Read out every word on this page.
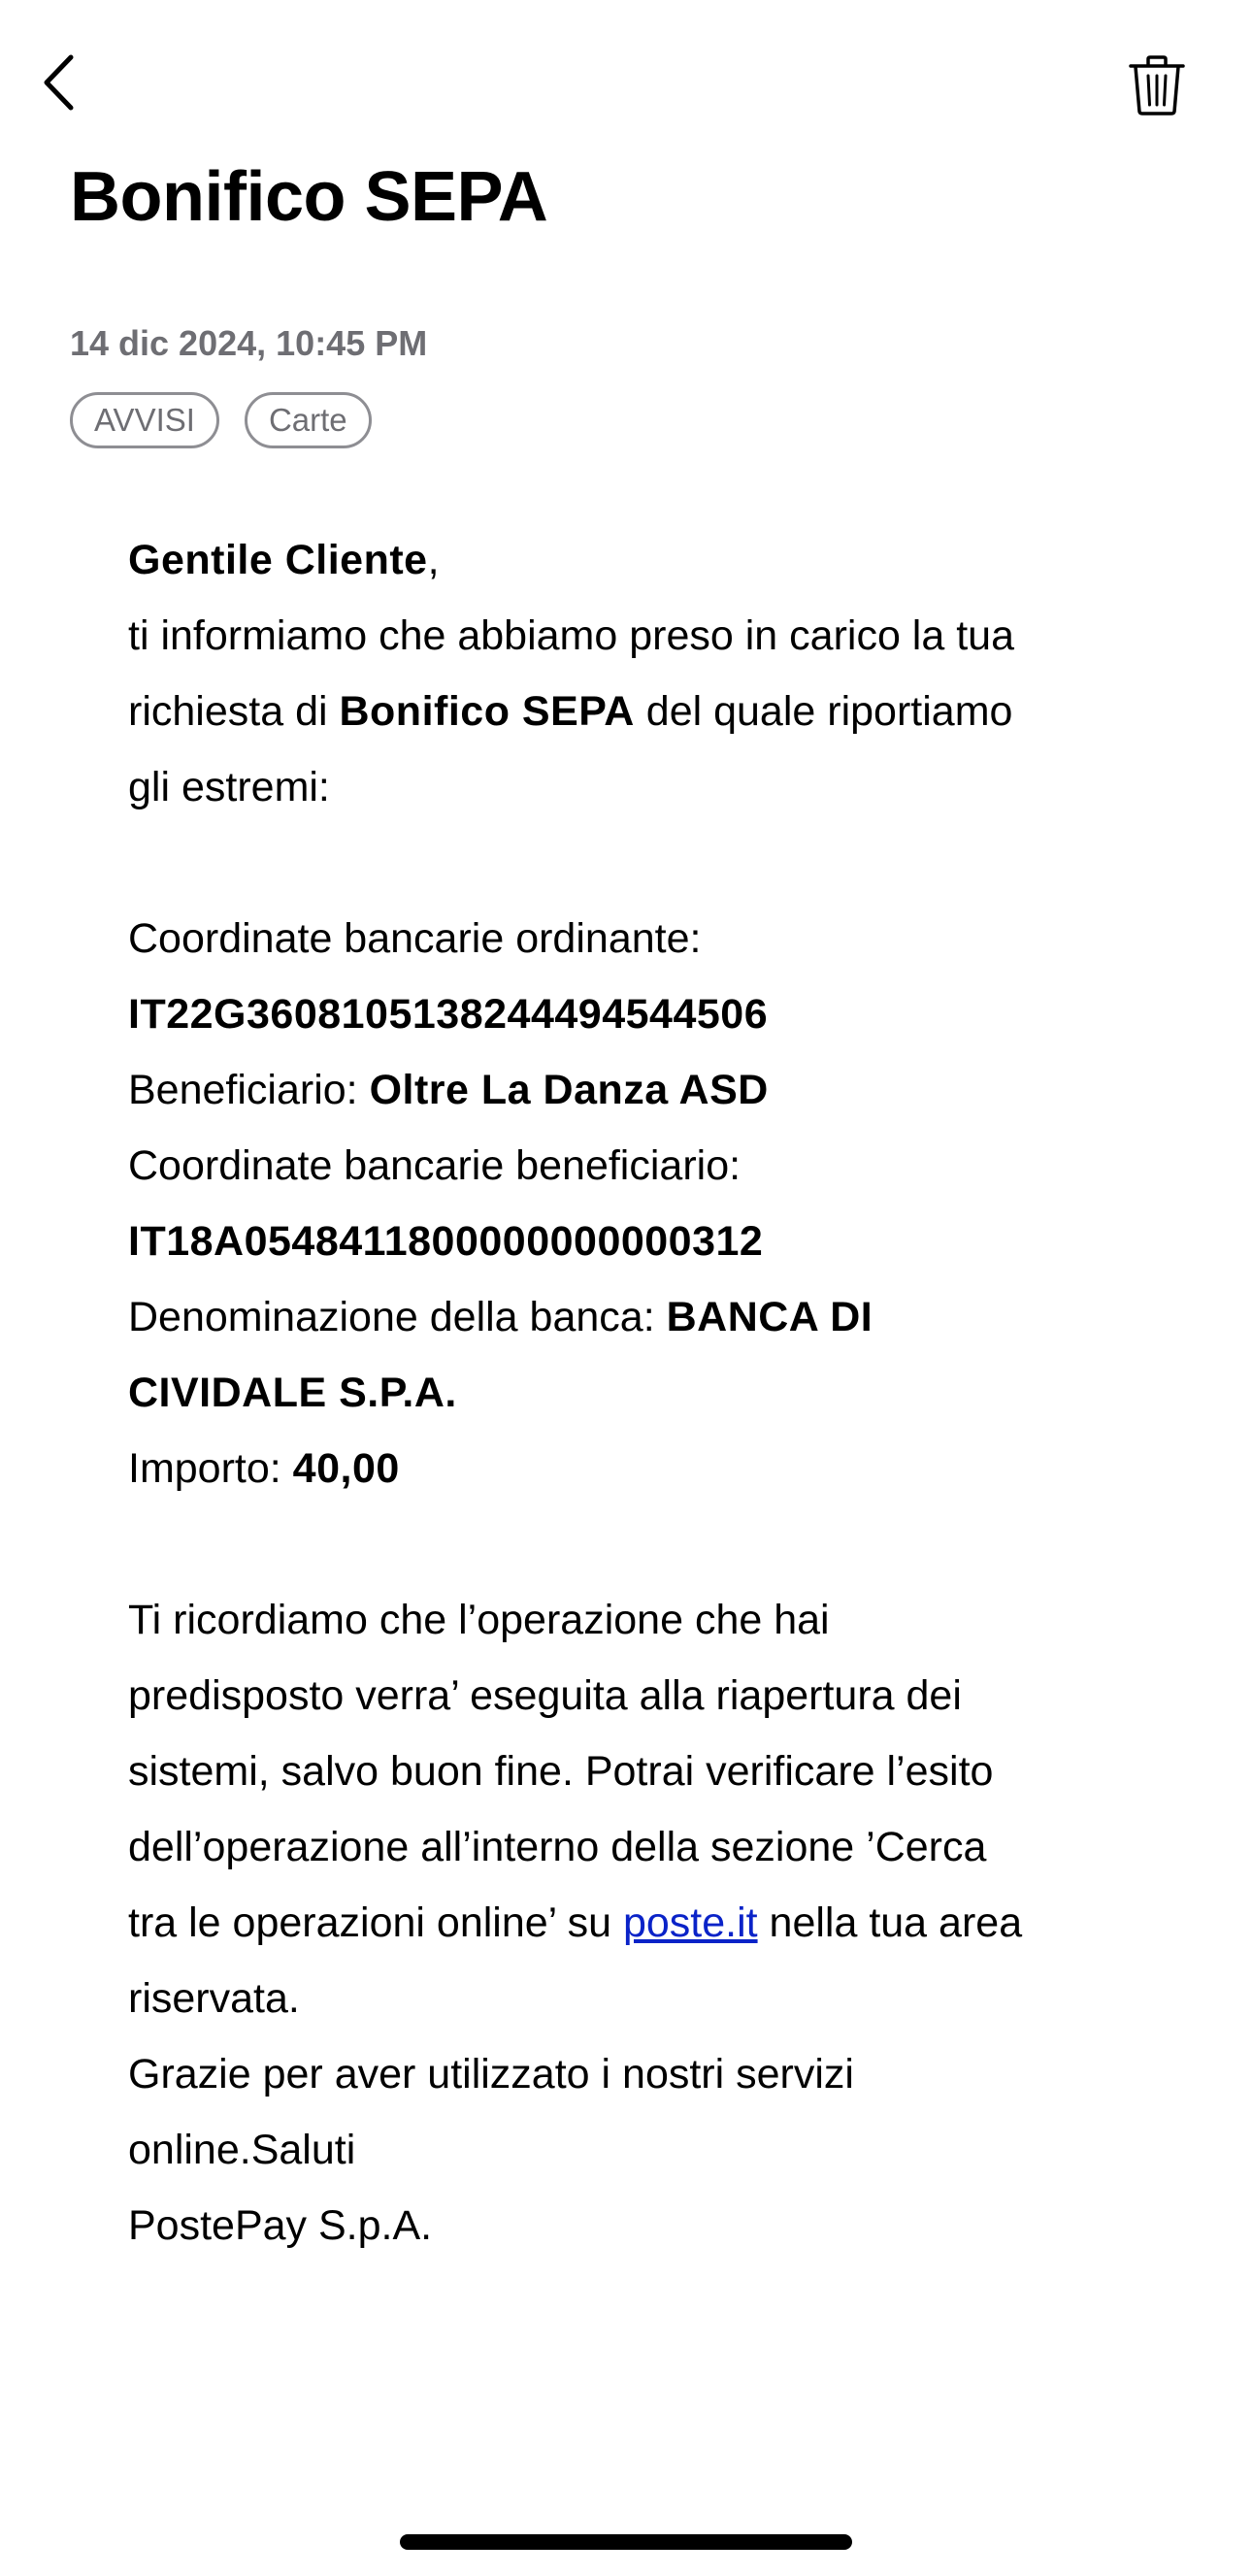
Bonifico SEPA
14 dic 2024, 10:45 PM
AVVISI	Carte
Gentile Cliente,
ti informiamo che abbiamo preso in carico la tua
richiesta di Bonifico SEPA del quale riportiamo
gli estremi:
Coordinate bancarie ordinante:
IT22G3608105138244494544506
Beneficiario: Oltre La Danza ASD
Coordinate bancarie beneficiario:
IT18A0548411800000000000312
Denominazione della banca: BANCA DI
CIVIDALE S.P.A.
Importo: 40,00
Ti ricordiamo che l’operazione che hai
predisposto verra’ eseguita alla riapertura dei
sistemi, salvo buon fine. Potrai verificare l’esito
dell’operazione all’interno della sezione ’Cerca
tra le operazioni online’ su poste.it nella tua area
riservata.
Grazie per aver utilizzato i nostri servizi
online.Saluti
PostePay S.p.A.
